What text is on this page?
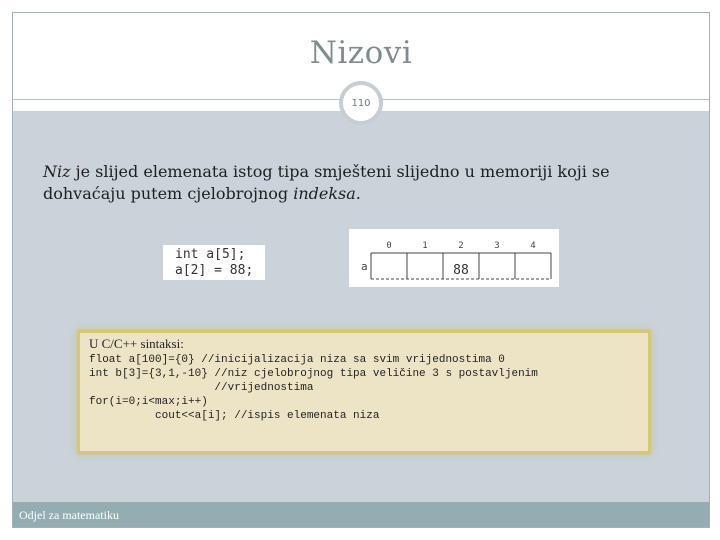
Nizovi
110
Niz je slijed elemenata istog tipa smješteni slijedno u memoriji koji se dohvaćaju putem cjelobrojnog indeksa.
int a[5];
a[2] = 88;	a
0	1	2	3	4
88
U C/C++ sintaksi:
float a[100]={0} //inicijalizacija niza sa svim vrijednostima 0
int b[3]={3,1,-10} //niz cjelobrojnog tipa veličine 3 s postavljenim
//vrijednostima
for(i=0;i<max;i++)
cout<<a[i]; //ispis elemenata niza
Odjel za matematiku
